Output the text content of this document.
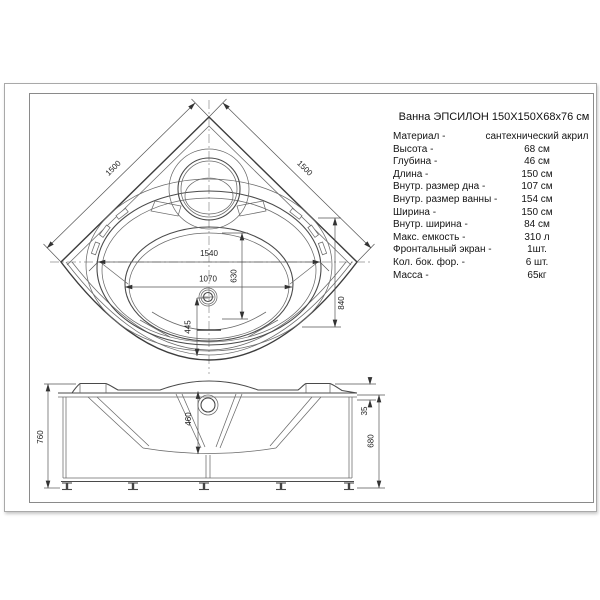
1500	1500
1540
1070 630
445
840
760
460
35
680
Ванна ЭПСИЛОН 150Х150Х68х76 см
Материал -	сантехнический акрил
Высота -	68 см
Глубина -	46 см
Длина -	150 см
Внутр. размер дна -	107 см
Внутр. размер ванны -	154 см
Ширина -	150 см
Внутр. ширина -	84 см
Макс. емкость -	310 л
Фронтальный экран -	1шт.
Кол. бок. фор. -	6 шт.
Масса -	65кг
